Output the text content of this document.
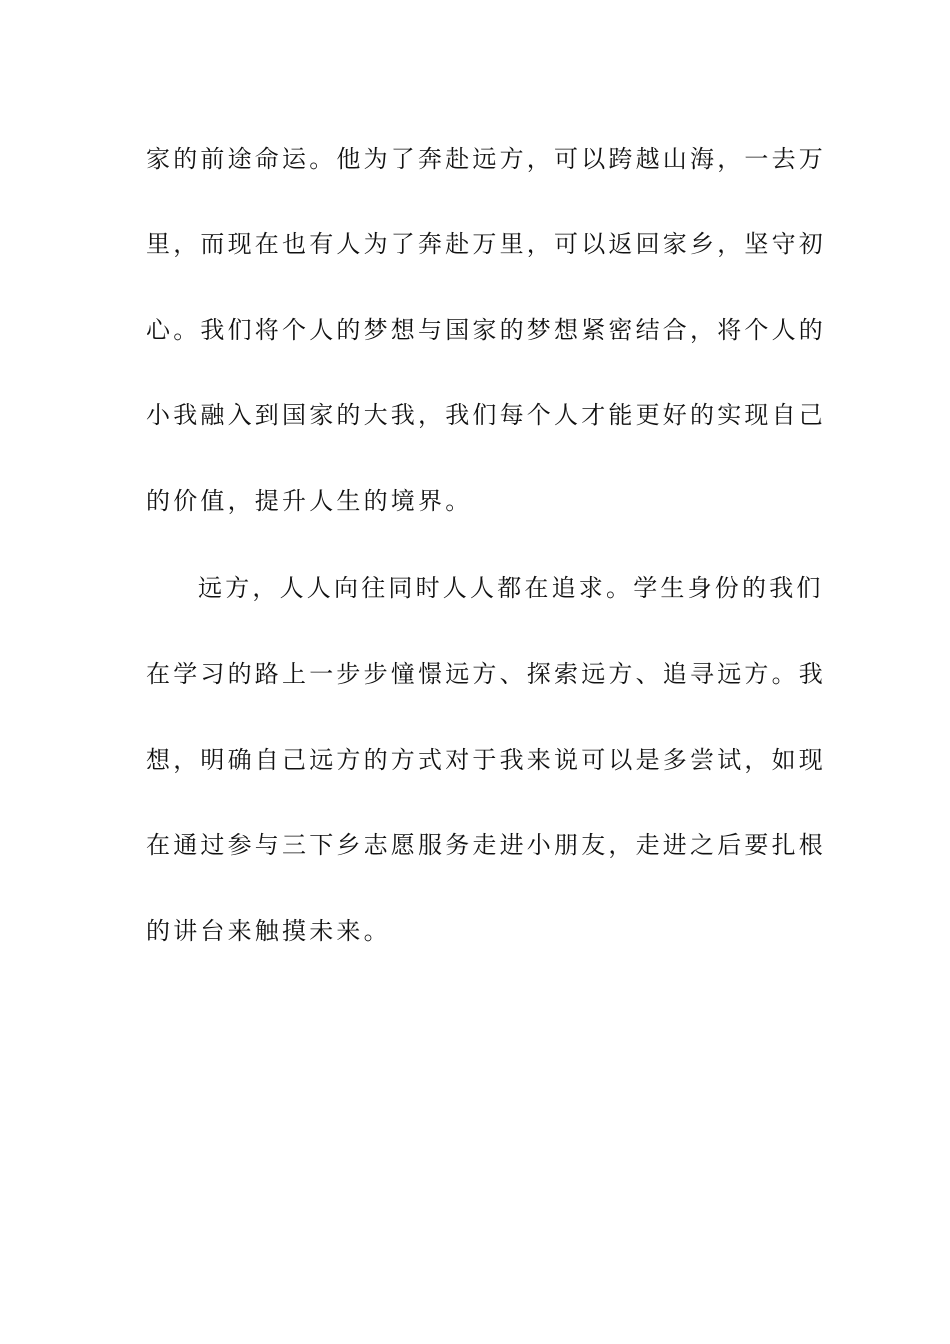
家的前途命运。他为了奔赴远方，可以跨越山海，一去万
里，而现在也有人为了奔赴万里，可以返回家乡，坚守初
心。我们将个人的梦想与国家的梦想紧密结合，将个人的
小我融入到国家的大我，我们每个人才能更好的实现自己
的价值，提升人生的境界。
远方，人人向往同时人人都在追求。学生身份的我们
在学习的路上一步步憧憬远方、探索远方、追寻远方。我
想，明确自己远方的方式对于我来说可以是多尝试，如现
在通过参与三下乡志愿服务走进小朋友，走进之后要扎根
的讲台来触摸未来。
